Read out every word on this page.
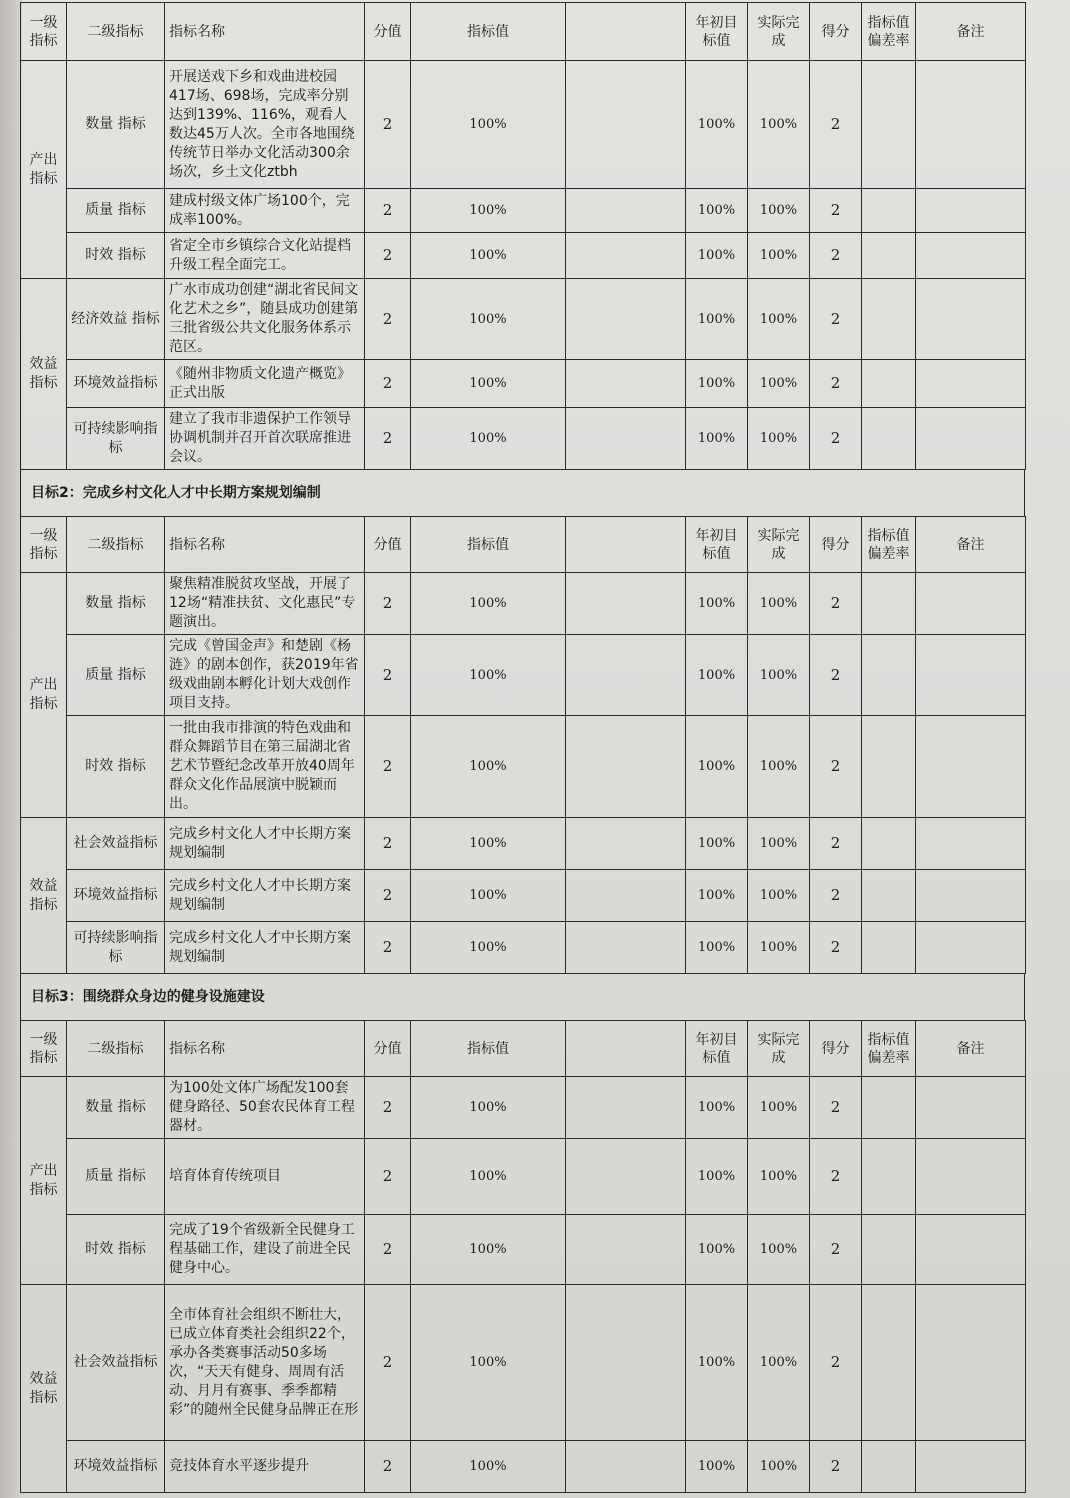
一级指标	二级指标	指标名称	分值	指标值		年初目标值	实际完成	得分	指标值偏差率	备注
产出指标	数量 指标	开展送戏下乡和戏曲进校园417场、698场，完成率分别达到139%、116%，观看人数达45万人次。全市各地围绕传统节日举办文化活动300余场次，乡土文化ztbh	2	100%		100%	100%	2		
	质量 指标	建成村级文体广场100个，完成率100%。	2	100%		100%	100%	2		
	时效 指标	省定全市乡镇综合文化站提档升级工程全面完工。	2	100%		100%	100%	2		
效益指标	经济效益 指标	广水市成功创建“湖北省民间文化艺术之乡”，随县成功创建第三批省级公共文化服务体系示范区。	2	100%		100%	100%	2		
	环境效益指标	《随州非物质文化遗产概览》正式出版	2	100%		100%	100%	2		
	可持续影响指标	建立了我市非遗保护工作领导协调机制并召开首次联席推进会议。	2	100%		100%	100%	2		
目标2：完成乡村文化人才中长期方案规划编制
一级指标	二级指标	指标名称	分值	指标值		年初目标值	实际完成	得分	指标值偏差率	备注
产出指标	数量 指标	聚焦精准脱贫攻坚战，开展了12场“精准扶贫、文化惠民”专题演出。	2	100%		100%	100%	2		
	质量 指标	完成《曾国金声》和楚剧《杨涟》的剧本创作，获2019年省级戏曲剧本孵化计划大戏创作项目支持。	2	100%		100%	100%	2		
	时效 指标	一批由我市排演的特色戏曲和群众舞蹈节目在第三届湖北省艺术节暨纪念改革开放40周年群众文化作品展演中脱颖而出。	2	100%		100%	100%	2		
效益指标	社会效益指标	完成乡村文化人才中长期方案规划编制	2	100%		100%	100%	2		
	环境效益指标	完成乡村文化人才中长期方案规划编制	2	100%		100%	100%	2		
	可持续影响指标	完成乡村文化人才中长期方案规划编制	2	100%		100%	100%	2		
目标3：围绕群众身边的健身设施建设
一级指标	二级指标	指标名称	分值	指标值		年初目标值	实际完成	得分	指标值偏差率	备注
产出指标	数量 指标	为100处文体广场配发100套健身路径、50套农民体育工程器材。	2	100%		100%	100%	2		
	质量 指标	培育体育传统项目	2	100%		100%	100%	2		
	时效 指标	完成了19个省级新全民健身工程基础工作，建设了前进全民健身中心。	2	100%		100%	100%	2		
效益指标	社会效益指标	全市体育社会组织不断壮大，已成立体育类社会组织22个，承办各类赛事活动50多场次，“天天有健身、周周有活动、月月有赛事、季季都精彩”的随州全民健身品牌正在形	2	100%		100%	100%	2		
	环境效益指标	竞技体育水平逐步提升	2	100%		100%	100%	2		
